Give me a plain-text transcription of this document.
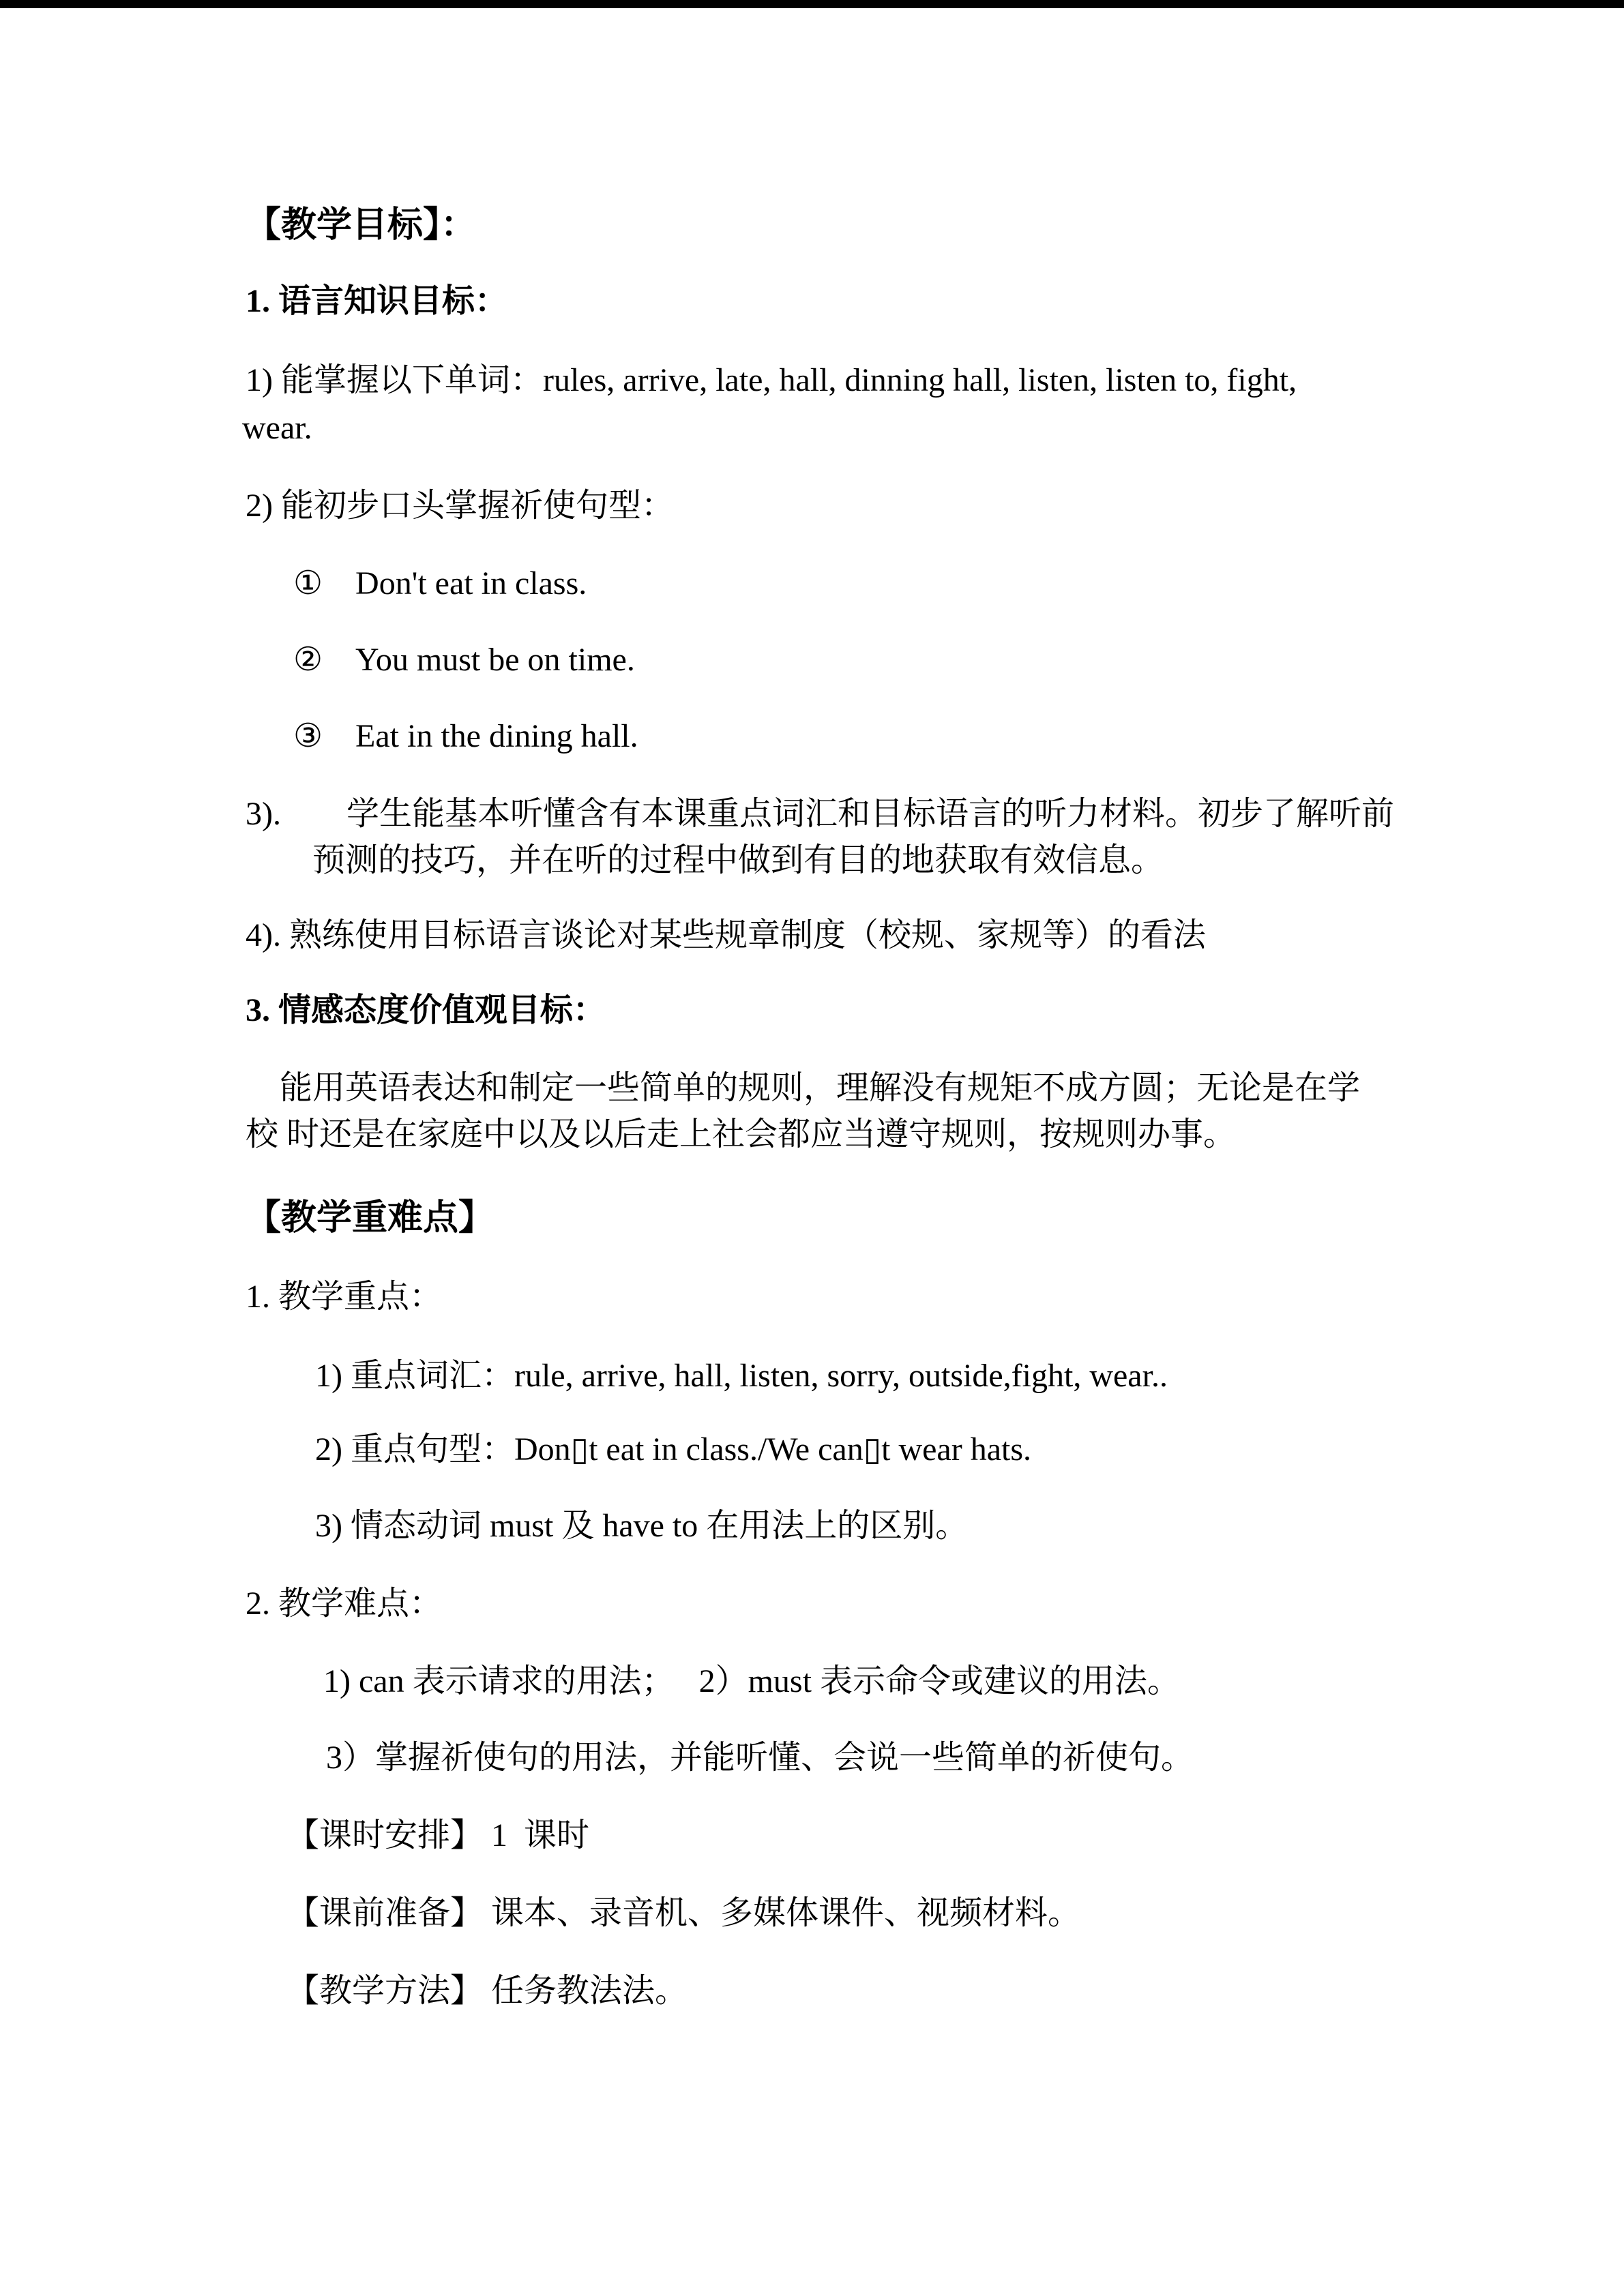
【教学目标】：
1. 语言知识目标：
1) 能掌握以下单词：rules, arrive, late, hall, dinning hall, listen, listen to, fight,
wear.
2) 能初步口头掌握祈使句型：
①　Don't eat in class.
②　You must be on time.
③　Eat in the dining hall.
3).　　学生能基本听懂含有本课重点词汇和目标语言的听力材料。初步了解听前
预测的技巧，并在听的过程中做到有目的地获取有效信息。
4). 熟练使用目标语言谈论对某些规章制度（校规、家规等）的看法
3. 情感态度价值观目标：
能用英语表达和制定一些简单的规则，理解没有规矩不成方圆；无论是在学
校 时还是在家庭中以及以后走上社会都应当遵守规则，按规则办事。
【教学重难点】
1. 教学重点：
1) 重点词汇：rule, arrive, hall, listen, sorry, outside,fight, wear..
2) 重点句型：Don▯t eat in class./We can▯t wear hats.
3) 情态动词 must 及 have to 在用法上的区别。
2. 教学难点：
1) can 表示请求的用法；　 2）must 表示命令或建议的用法。
3）掌握祈使句的用法，并能听懂、会说一些简单的祈使句。
【课时安排】 1  课时
【课前准备】 课本、录音机、多媒体课件、视频材料。
【教学方法】 任务教法法。
